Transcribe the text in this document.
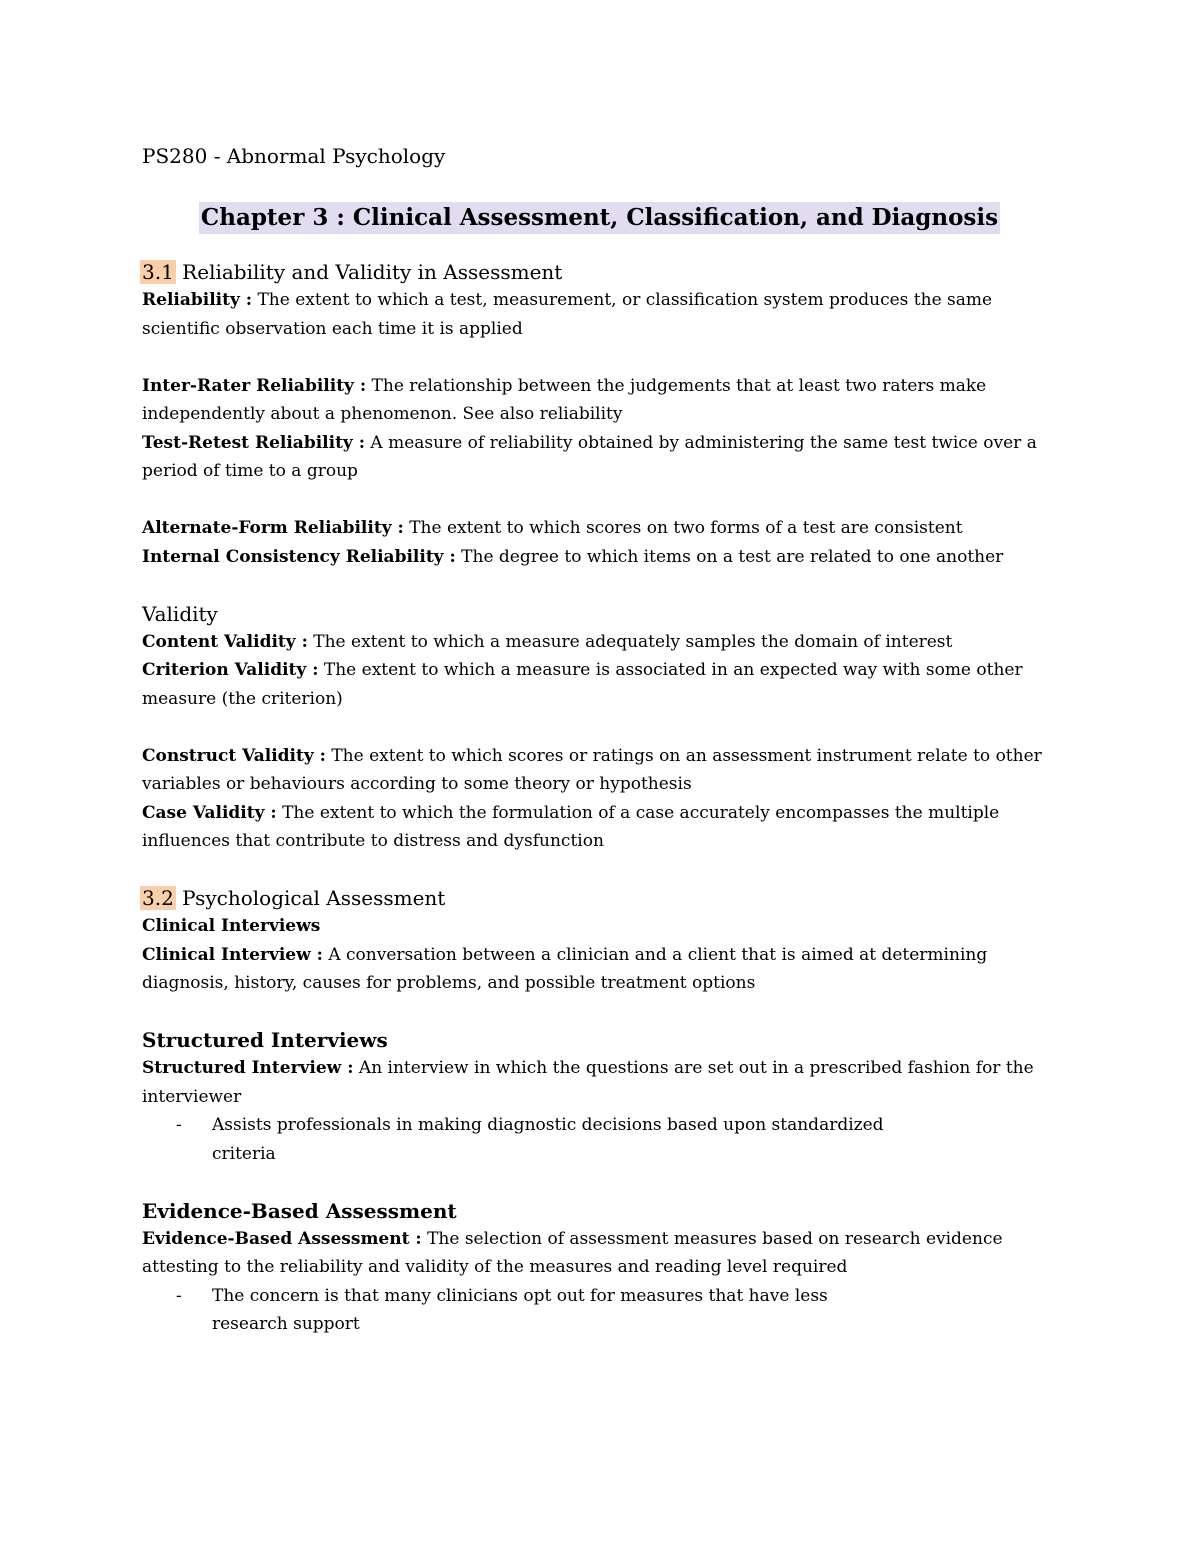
PS280 - Abnormal Psychology

Chapter 3 : Clinical Assessment, Classification, and Diagnosis

3.1 Reliability and Validity in Assessment

Reliability : The extent to which a test, measurement, or classification system produces the same scientific observation each time it is applied

Inter-Rater Reliability : The relationship between the judgements that at least two raters make independently about a phenomenon. See also reliability

Test-Retest Reliability : A measure of reliability obtained by administering the same test twice over a period of time to a group

Alternate-Form Reliability : The extent to which scores on two forms of a test are consistent

Internal Consistency Reliability : The degree to which items on a test are related to one another

Validity

Content Validity : The extent to which a measure adequately samples the domain of interest

Criterion Validity : The extent to which a measure is associated in an expected way with some other measure (the criterion)

Construct Validity : The extent to which scores or ratings on an assessment instrument relate to other variables or behaviours according to some theory or hypothesis

Case Validity : The extent to which the formulation of a case accurately encompasses the multiple influences that contribute to distress and dysfunction

3.2 Psychological Assessment

Clinical Interviews

Clinical Interview : A conversation between a clinician and a client that is aimed at determining diagnosis, history, causes for problems, and possible treatment options

Structured Interviews

Structured Interview : An interview in which the questions are set out in a prescribed fashion for the interviewer

- Assists professionals in making diagnostic decisions based upon standardized criteria

Evidence-Based Assessment

Evidence-Based Assessment : The selection of assessment measures based on research evidence attesting to the reliability and validity of the measures and reading level required

- The concern is that many clinicians opt out for measures that have less research support
